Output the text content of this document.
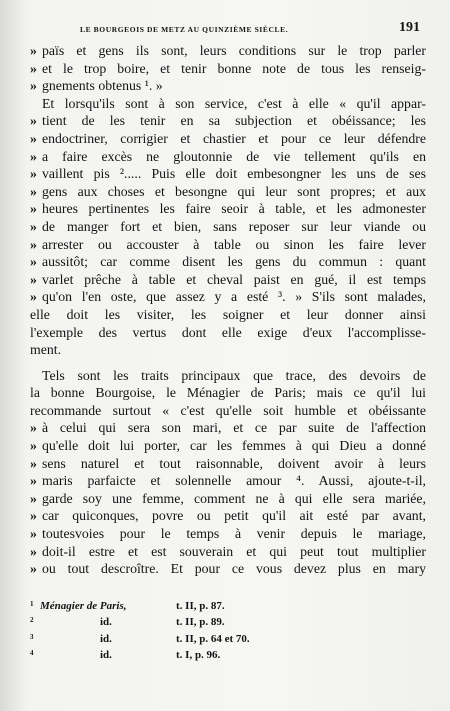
LE BOURGEOIS DE METZ AU QUINZIÈME SIÈCLE.	191
» païs et gens ils sont, leurs conditions sur le trop parler
» et le trop boire, et tenir bonne note de tous les renseig-
» gnements obtenus ¹. »
Et lorsqu'ils sont à son service, c'est à elle « qu'il appar-
» tient de les tenir en sa subjection et obéissance; les
» endoctriner, corrigier et chastier et pour ce leur défendre
» a faire excès ne gloutonnie de vie tellement qu'ils en
» vaillent pis ²..... Puis elle doit embesongner les uns de ses
» gens aux choses et besongne qui leur sont propres; et aux
» heures pertinentes les faire seoir à table, et les admonester
» de manger fort et bien, sans reposer sur leur viande ou
» arrester ou accouster à table ou sinon les faire lever
» aussitôt; car comme disent les gens du commun : quant
» varlet prêche à table et cheval paist en gué, il est temps
» qu'on l'en oste, que assez y a esté ³. » S'ils sont malades,
elle doit les visiter, les soigner et leur donner ainsi
l'exemple des vertus dont elle exige d'eux l'accomplisse-
ment.
Tels sont les traits principaux que trace, des devoirs de
la bonne Bourgoise, le Ménagier de Paris; mais ce qu'il lui
recommande surtout « c'est qu'elle soit humble et obéissante
» à celui qui sera son mari, et ce par suite de l'affection
» qu'elle doit lui porter, car les femmes à qui Dieu a donné
» sens naturel et tout raisonnable, doivent avoir à leurs
» maris parfaicte et solennelle amour ⁴. Aussi, ajoute-t-il,
» garde soy une femme, comment ne à qui elle sera mariée,
» car quiconques, povre ou petit qu'il ait esté par avant,
» toutesvoies pour le temps à venir depuis le mariage,
» doit-il estre et est souverain et qui peut tout multiplier
» ou tout descroître. Et pour ce vous devez plus en mary
1 Ménagier de Paris,	t. II, p. 87.
2	id.	t. II, p. 89.
3	id.	t. II, p. 64 et 70.
4	id.	t. I, p. 96.
